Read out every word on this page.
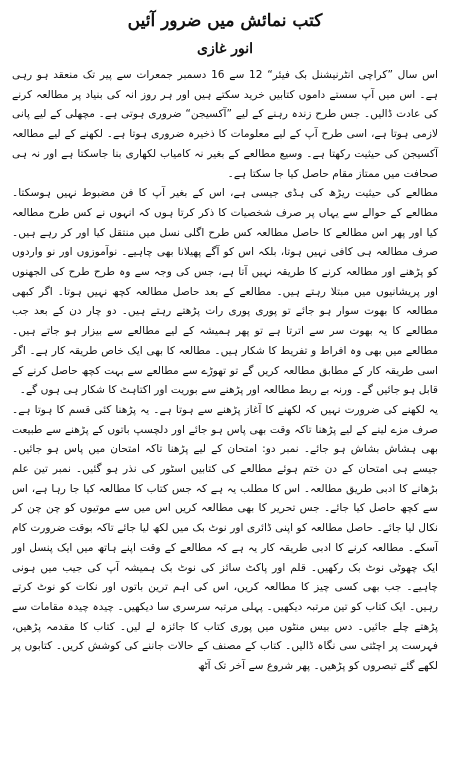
کتب نمائش میں ضرور آئیں
انور غازی

اس سال ”کراچی انٹرنیشنل بک فیئر“ 12 سے 16 دسمبر جمعرات سے پیر تک منعقد ہو رہی ہے۔ اس میں آپ سستے داموں کتابیں خرید سکتے ہیں اور ہر روز انہ کی بنیاد پر مطالعہ کرنے کی عادت ڈالیں۔ جس طرح زندہ رہنے کے لیے ”آکسیجن“ ضروری ہوتی ہے۔ مچھلی کے لیے پانی لازمی ہوتا ہے، اسی طرح آپ کے لیے معلومات کا ذخیرہ ضروری ہوتا ہے۔ لکھنے کے لیے مطالعہ آکسیجن کی حیثیت رکھتا ہے۔ وسیع مطالعے کے بغیر نہ کامیاب لکھاری بنا جاسکتا ہے اور نہ ہی صحافت میں ممتاز مقام حاصل کیا جا سکتا ہے۔

مطالعے کی حیثیت ریڑھ کی ہڈی جیسی ہے، اس کے بغیر آپ کا فن مضبوط نہیں ہوسکتا۔ مطالعے کے حوالے سے یہاں پر صرف شخصیات کا ذکر کرتا ہوں کہ انہوں نے کس طرح مطالعہ کیا اور پھر اس مطالعے کا حاصل مطالعہ کس طرح اگلی نسل میں منتقل کیا اور کر رہے ہیں۔ صرف مطالعہ ہی کافی نہیں ہوتا، بلکہ اس کو آگے پھیلانا بھی چاہیے۔ نوآموزوں اور نو واردوں کو پڑھنے اور مطالعہ کرنے کا طریقہ نہیں آتا ہے، جس کی وجہ سے وہ طرح طرح کی الجھنوں اور پریشانیوں میں مبتلا رہتے ہیں۔ مطالعے کے بعد حاصل مطالعہ کچھ نہیں ہوتا۔ اگر کبھی مطالعہ کا بھوت سوار ہو جائے تو پوری پوری رات پڑھتے رہتے ہیں۔ دو چار دن کے بعد جب مطالعے کا یہ بھوت سر سے اترتا ہے تو پھر ہمیشہ کے لیے مطالعے سے بیزار ہو جاتے ہیں۔ مطالعے میں بھی وہ افراط و تفریط کا شکار ہیں۔ مطالعہ کا بھی ایک خاص طریقہ کار ہے۔ اگر اسی طریقہ کار کے مطابق مطالعہ کریں گے تو تھوڑے سے مطالعے سے بہت کچھ حاصل کرنے کے قابل ہو جائیں گے۔ ورنہ بے ربط مطالعہ اور پڑھنے سے بوریت اور اکتاہٹ کا شکار ہی ہوں گے۔

یہ لکھنے کی ضرورت نہیں کہ لکھنے کا آغاز پڑھنے سے ہوتا ہے۔ یہ پڑھنا کئی قسم کا ہوتا ہے۔ صرف مزے لینے کے لیے پڑھنا تاکہ وقت بھی پاس ہو جائے اور دلچسپ باتوں کے پڑھنے سے طبیعت بھی ہشاش بشاش ہو جائے۔ نمبر دو: امتحان کے لیے پڑھنا تاکہ امتحان میں پاس ہو جائیں۔ جیسے ہی امتحان کے دن ختم ہوئے مطالعے کی کتابیں اسٹور کی نذر ہو گئیں۔ نمبر تین علم بڑھانے کا ادبی طریق مطالعہ۔ اس کا مطلب یہ ہے کہ جس کتاب کا مطالعہ کیا جا رہا ہے، اس سے کچھ حاصل کیا جائے۔ جس تحریر کا بھی مطالعہ کریں اس میں سے موتیوں کو چن چن کر نکال لیا جائے۔ حاصل مطالعہ کو اپنی ڈائری اور نوٹ بک میں لکھ لیا جائے تاکہ بوقت ضرورت کام آسکے۔ مطالعہ کرنے کا ادبی طریقہ کار یہ ہے کہ مطالعے کے وقت اپنے ہاتھ میں ایک پنسل اور ایک چھوٹی نوٹ بک رکھیں۔ قلم اور پاکٹ سائز کی نوٹ بک ہمیشہ آپ کی جیب میں ہونی چاہیے۔ جب بھی کسی چیز کا مطالعہ کریں، اس کی اہم ترین باتوں اور نکات کو نوٹ کرتے رہیں۔ ایک کتاب کو تین مرتبہ دیکھیں۔ پہلی مرتبہ سرسری سا دیکھیں۔ چیدہ چیدہ مقامات سے پڑھتے چلے جائیں۔ دس بیس منٹوں میں پوری کتاب کا جائزہ لے لیں۔ کتاب کا مقدمہ پڑھیں، فہرست پر اچٹتی سی نگاہ ڈالیں۔ کتاب کے مصنف کے حالات جاننے کی کوشش کریں۔ کتابوں پر لکھے گئے تبصروں کو پڑھیں۔ پھر شروع سے آخر تک آٹھ
